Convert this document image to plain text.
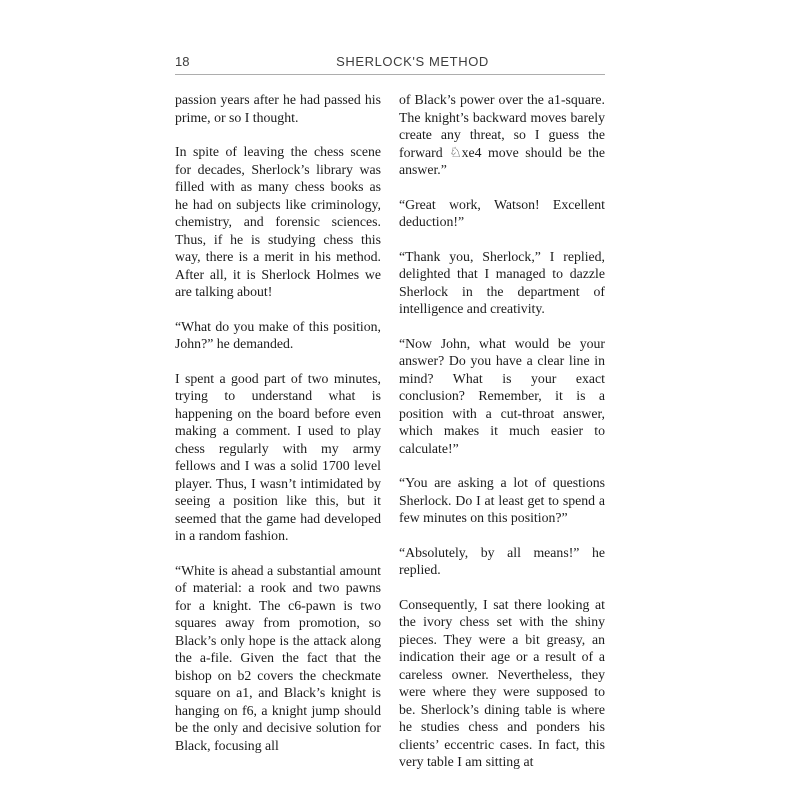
18	SHERLOCK'S METHOD

passion years after he had passed his prime, or so I thought.

In spite of leaving the chess scene for decades, Sherlock’s library was filled with as many chess books as he had on subjects like criminology, chemistry, and forensic sciences. Thus, if he is studying chess this way, there is a merit in his method. After all, it is Sherlock Holmes we are talking about!

“What do you make of this position, John?” he demanded.

I spent a good part of two minutes, trying to understand what is happening on the board before even making a comment. I used to play chess regularly with my army fellows and I was a solid 1700 level player. Thus, I wasn’t intimidated by seeing a position like this, but it seemed that the game had developed in a random fashion.

“White is ahead a substantial amount of material: a rook and two pawns for a knight. The c6-pawn is two squares away from promotion, so Black’s only hope is the attack along the a-file. Given the fact that the bishop on b2 covers the checkmate square on a1, and Black’s knight is hanging on f6, a knight jump should be the only and decisive solution for Black, focusing all

of Black’s power over the a1-square. The knight’s backward moves barely create any threat, so I guess the forward ♘xe4 move should be the answer.”

“Great work, Watson! Excellent deduction!”

“Thank you, Sherlock,” I replied, delighted that I managed to dazzle Sherlock in the department of intelligence and creativity.

“Now John, what would be your answer? Do you have a clear line in mind? What is your exact conclusion? Remember, it is a position with a cut-throat answer, which makes it much easier to calculate!”

“You are asking a lot of questions Sherlock. Do I at least get to spend a few minutes on this position?”

“Absolutely, by all means!” he replied.

Consequently, I sat there looking at the ivory chess set with the shiny pieces. They were a bit greasy, an indication their age or a result of a careless owner. Nevertheless, they were where they were supposed to be. Sherlock’s dining table is where he studies chess and ponders his clients’ eccentric cases. In fact, this very table I am sitting at
